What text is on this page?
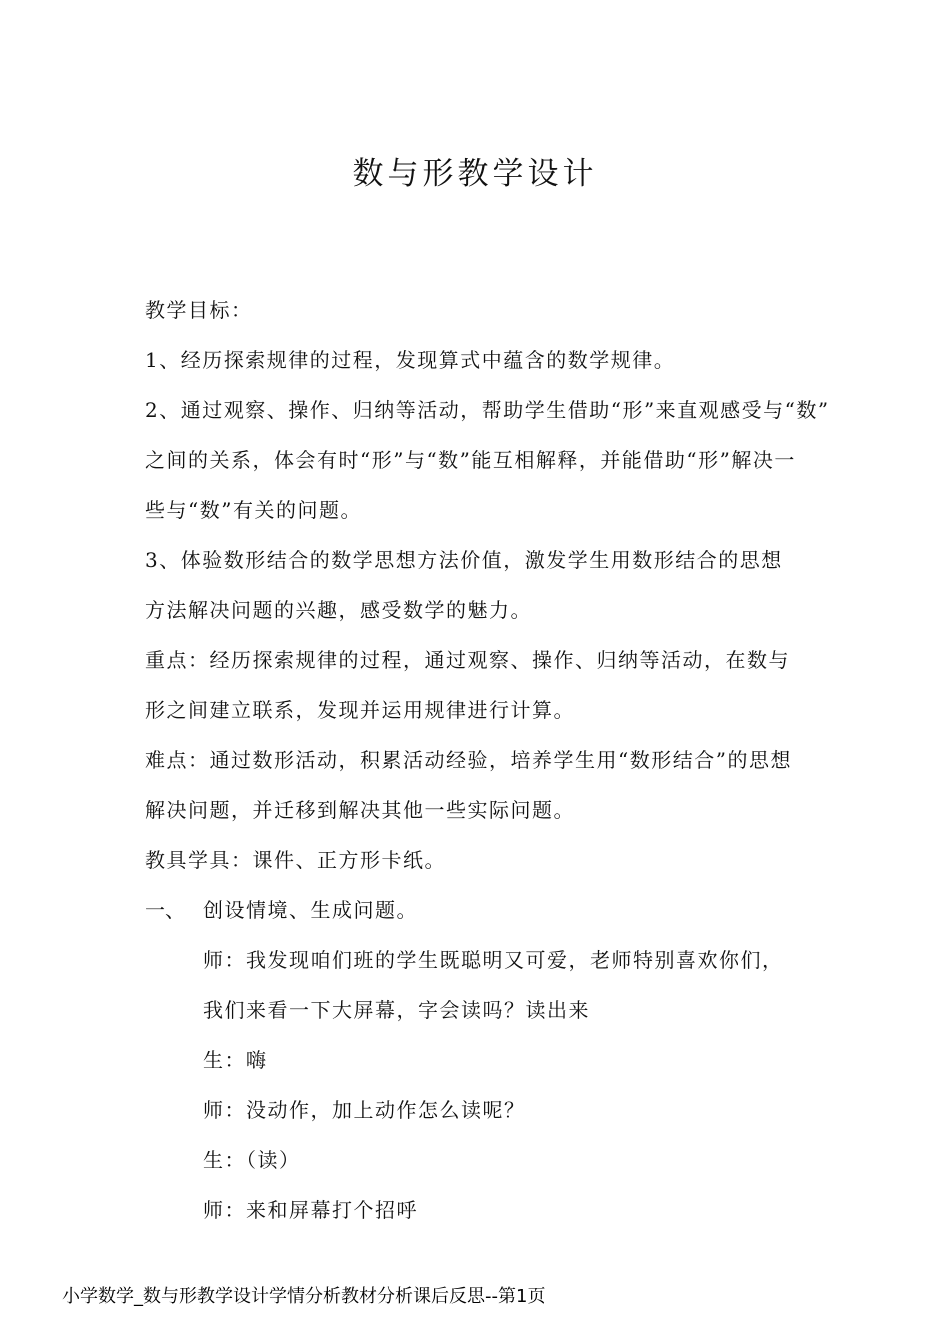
数与形教学设计
教学目标：
1、经历探索规律的过程，发现算式中蕴含的数学规律。
2、通过观察、操作、归纳等活动，帮助学生借助“形”来直观感受与“数”
之间的关系，体会有时“形”与“数”能互相解释，并能借助“形”解决一
些与“数”有关的问题。
3、体验数形结合的数学思想方法价值，激发学生用数形结合的思想
方法解决问题的兴趣，感受数学的魅力。
重点：经历探索规律的过程，通过观察、操作、归纳等活动，在数与
形之间建立联系，发现并运用规律进行计算。
难点：通过数形活动，积累活动经验，培养学生用“数形结合”的思想
解决问题，并迁移到解决其他一些实际问题。
教具学具：课件、正方形卡纸。
一、 创设情境、生成问题。
师：我发现咱们班的学生既聪明又可爱，老师特别喜欢你们，
我们来看一下大屏幕，字会读吗？读出来
生：嗨
师：没动作，加上动作怎么读呢？
生：（读）
师：来和屏幕打个招呼
小学数学_数与形教学设计学情分析教材分析课后反思--第1页
